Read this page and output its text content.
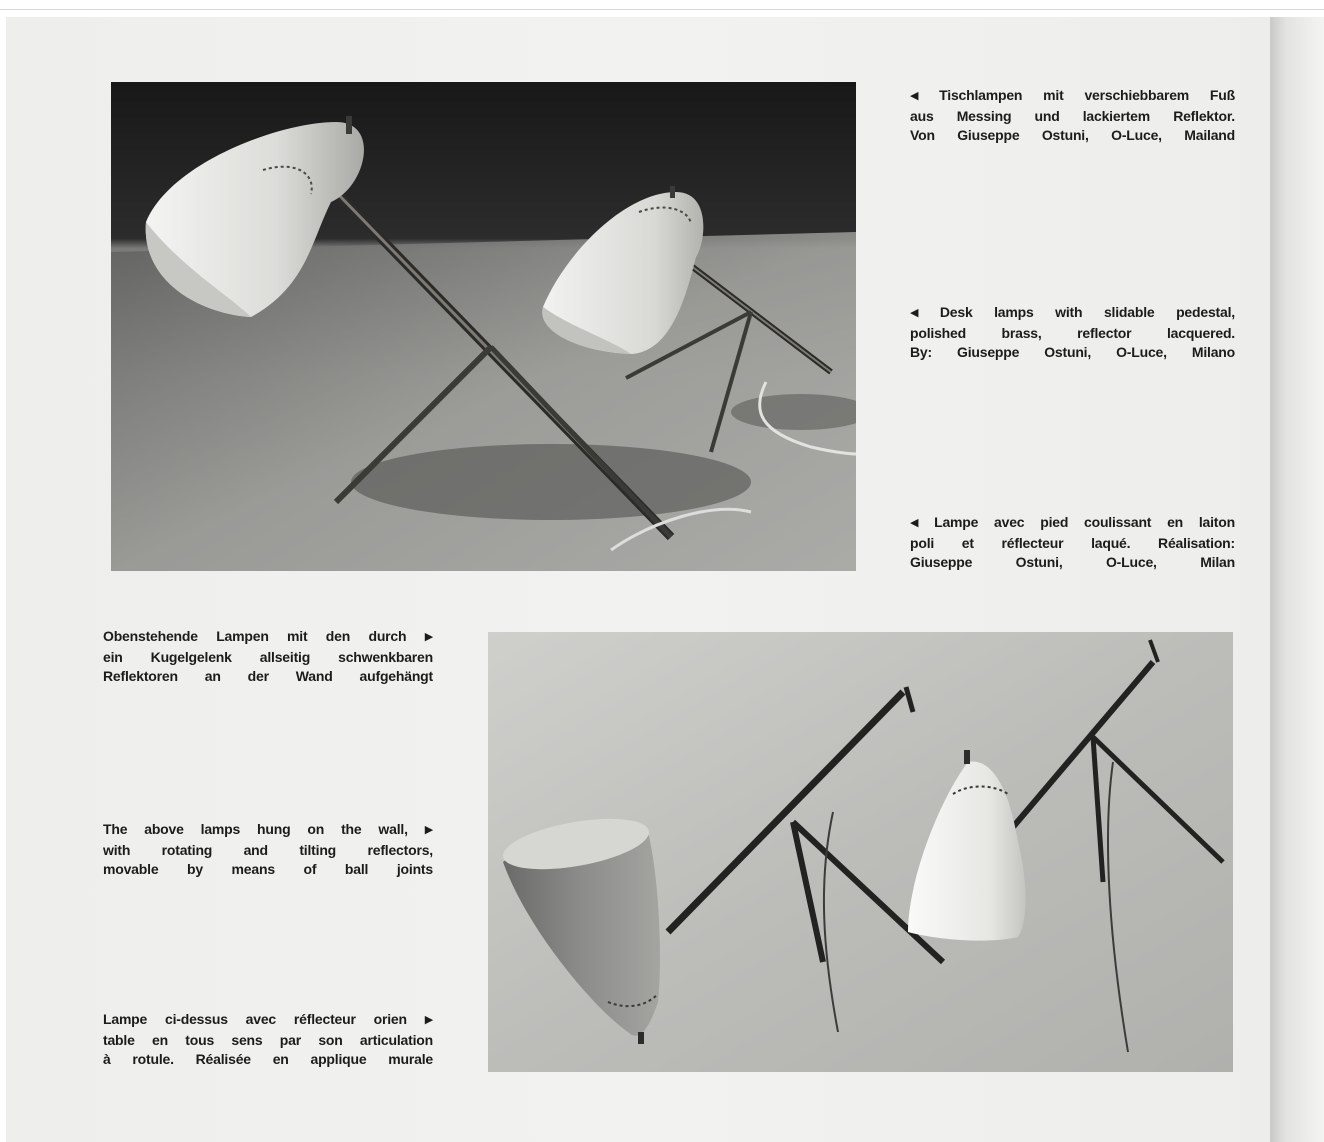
◀ Tischlampen mit verschiebbarem Fuß
aus Messing und lackiertem Reflektor.
Von Giuseppe Ostuni, O-Luce, Mailand
◀ Desk lamps with slidable pedestal,
polished brass, reflector lacquered.
By: Giuseppe Ostuni, O-Luce, Milano
◀ Lampe avec pied coulissant en laiton
poli et réflecteur laqué. Réalisation:
Giuseppe Ostuni, O-Luce, Milan
Obenstehende Lampen mit den durch ▶
ein Kugelgelenk allseitig schwenkbaren
Reflektoren an der Wand aufgehängt
The above lamps hung on the wall, ▶
with rotating and tilting reflectors,
movable by means of ball joints
Lampe ci-dessus avec réflecteur orien ▶
table en tous sens par son articulation
à rotule. Réalisée en applique murale
